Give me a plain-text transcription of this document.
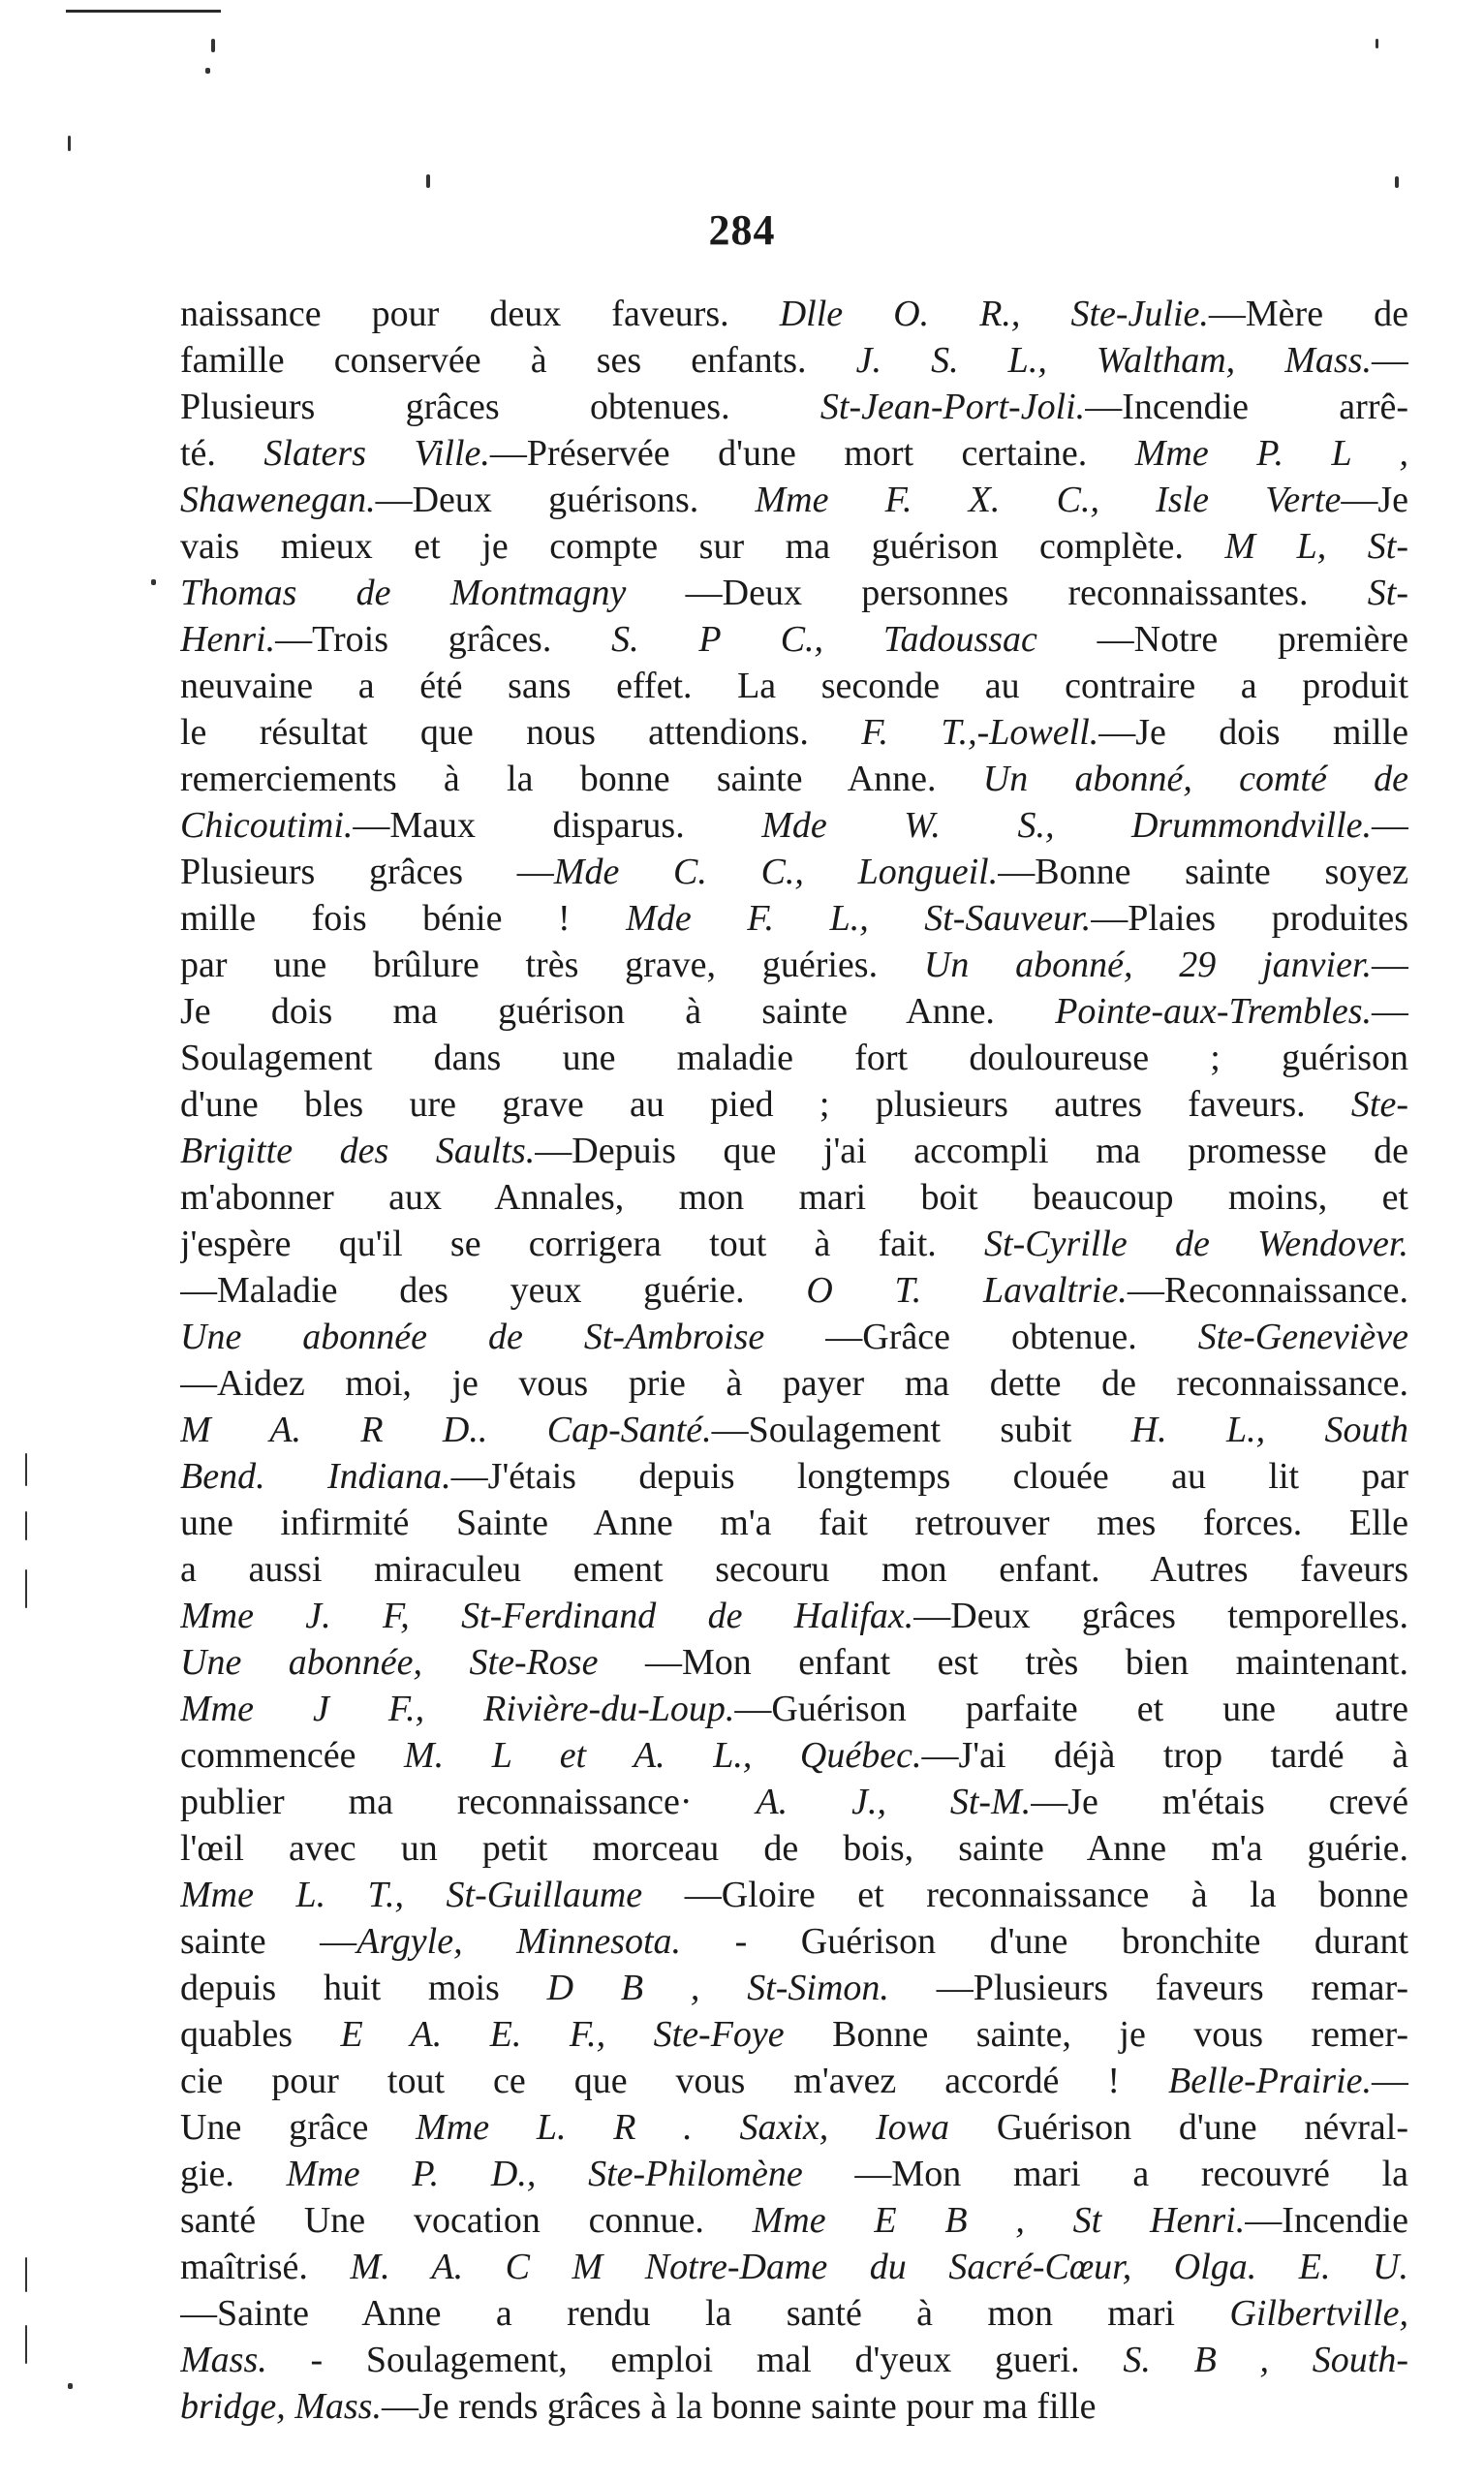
284
naissance pour deux faveurs. Dlle O. R., Ste-Julie.—Mère de
famille conservée à ses enfants. J. S. L., Waltham, Mass.—
Plusieurs grâces obtenues. St-Jean-Port-Joli.—Incendie arrê-
té. Slaters Ville.—Préservée d'une mort certaine. Mme P. L ,
Shawenegan.—Deux guérisons. Mme F. X. C., Isle Verte—Je
vais mieux et je compte sur ma guérison complète. M L, St-
Thomas de Montmagny —Deux personnes reconnaissantes. St-
Henri.—Trois grâces. S. P C., Tadoussac —Notre première
neuvaine a été sans effet. La seconde au contraire a produit
le résultat que nous attendions. F. T.,-Lowell.—Je dois mille
remerciements à la bonne sainte Anne. Un abonné, comté de
Chicoutimi.—Maux disparus. Mde W. S., Drummondville.—
Plusieurs grâces —Mde C. C., Longueil.—Bonne sainte soyez
mille fois bénie ! Mde F. L., St-Sauveur.—Plaies produites
par une brûlure très grave, guéries. Un abonné, 29 janvier.—
Je dois ma guérison à sainte Anne. Pointe-aux-Trembles.—
Soulagement dans une maladie fort douloureuse ; guérison
d'une bles ure grave au pied ; plusieurs autres faveurs. Ste-
Brigitte des Saults.—Depuis que j'ai accompli ma promesse de
m'abonner aux Annales, mon mari boit beaucoup moins, et
j'espère qu'il se corrigera tout à fait. St-Cyrille de Wendover.
—Maladie des yeux guérie. O T. Lavaltrie.—Reconnaissance.
Une abonnée de St-Ambroise —Grâce obtenue. Ste-Geneviève
—Aidez moi, je vous prie à payer ma dette de reconnaissance.
M A. R D.. Cap-Santé.—Soulagement subit H. L., South
Bend. Indiana.—J'étais depuis longtemps clouée au lit par
une infirmité Sainte Anne m'a fait retrouver mes forces. Elle
a aussi miraculeu ement secouru mon enfant. Autres faveurs
Mme J. F, St-Ferdinand de Halifax.—Deux grâces temporelles.
Une abonnée, Ste-Rose —Mon enfant est très bien maintenant.
Mme J F., Rivière-du-Loup.—Guérison parfaite et une autre
commencée M. L et A. L., Québec.—J'ai déjà trop tardé à
publier ma reconnaissance· A. J., St-M.—Je m'étais crevé
l'œil avec un petit morceau de bois, sainte Anne m'a guérie.
Mme L. T., St-Guillaume —Gloire et reconnaissance à la bonne
sainte —Argyle, Minnesota. - Guérison d'une bronchite durant
depuis huit mois D B , St-Simon. —Plusieurs faveurs remar-
quables E A. E. F., Ste-Foye Bonne sainte, je vous remer-
cie pour tout ce que vous m'avez accordé ! Belle-Prairie.—
Une grâce Mme L. R . Saxix, Iowa Guérison d'une névral-
gie. Mme P. D., Ste-Philomène —Mon mari a recouvré la
santé Une vocation connue. Mme E B , St Henri.—Incendie
maîtrisé. M. A. C M Notre-Dame du Sacré-Cœur, Olga. E. U.
—Sainte Anne a rendu la santé à mon mari Gilbertville,
Mass. - Soulagement, emploi mal d'yeux gueri. S. B , South-
bridge, Mass.—Je rends grâces à la bonne sainte pour ma fille
